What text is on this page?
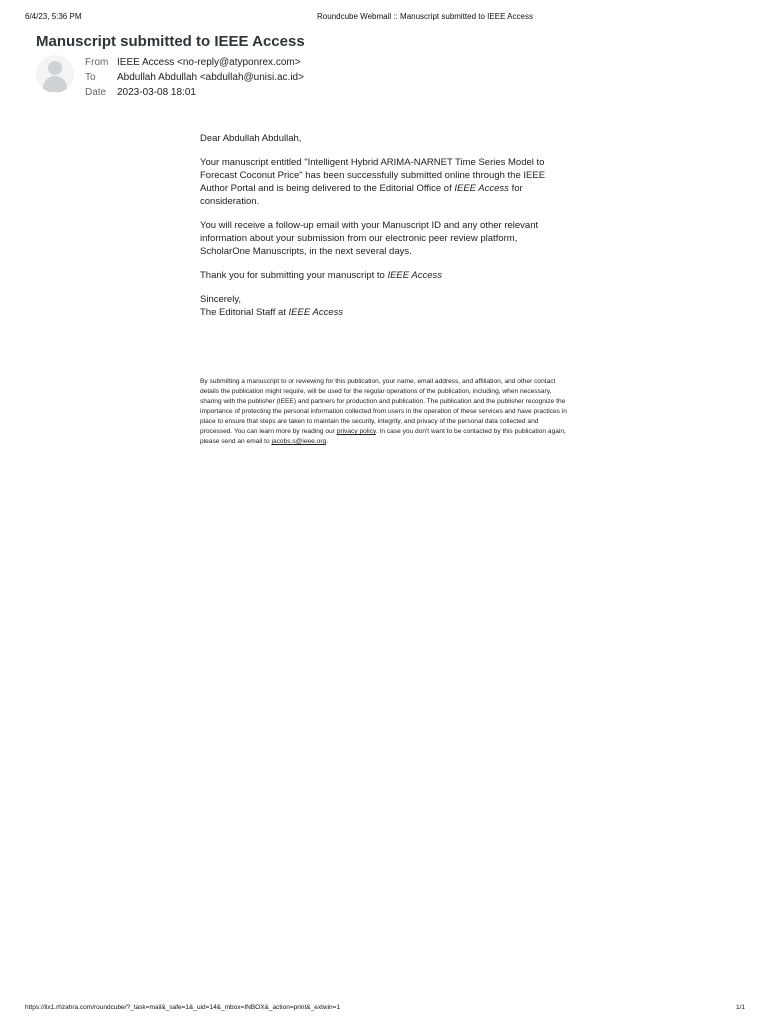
6/4/23, 5:36 PM	Roundcube Webmail :: Manuscript submitted to IEEE Access
Manuscript submitted to IEEE Access
From IEEE Access <no-reply@atyponrex.com>
To	Abdullah Abdullah <abdullah@unisi.ac.id>
Date	2023-03-08 18:01

Dear Abdullah Abdullah,

Your manuscript entitled "Intelligent Hybrid ARIMA-NARNET Time Series Model to Forecast Coconut Price" has been successfully submitted online through the IEEE Author Portal and is being delivered to the Editorial Office of IEEE Access for consideration.

You will receive a follow-up email with your Manuscript ID and any other relevant information about your submission from our electronic peer review platform, ScholarOne Manuscripts, in the next several days.

Thank you for submitting your manuscript to IEEE Access

Sincerely,
The Editorial Staff at IEEE Access

By submitting a manuscript to or reviewing for this publication, your name, email address, and affiliation, and other contact details the publication might require, will be used for the regular operations of the publication, including, when necessary, sharing with the publisher (IEEE) and partners for production and publication. The publication and the publisher recognize the importance of protecting the personal information collected from users in the operation of these services and have practices in place to ensure that steps are taken to maintain the security, integrity, and privacy of the personal data collected and processed. You can learn more by reading our privacy policy. In case you don't want to be contacted by this publication again, please send an email to jacobs.s@ieee.org.
https://lix1.rhzahra.com/roundcube/?_task=mail&_safe=1&_uid=14&_mbox=INBOX&_action=print&_extwin=1	1/1
